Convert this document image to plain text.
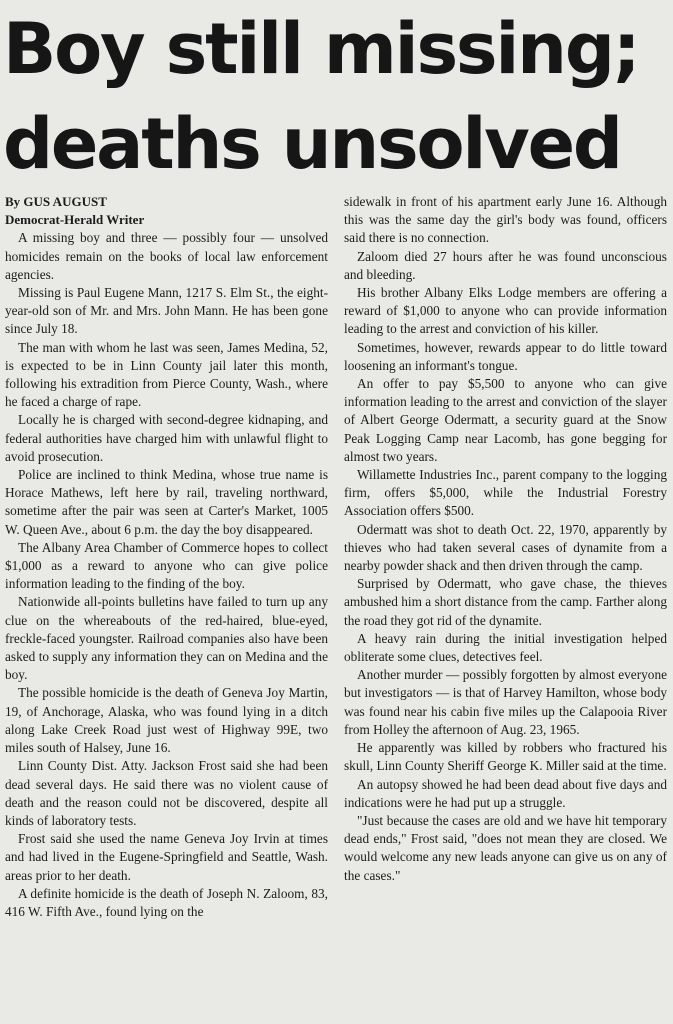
Boy still missing;
deaths unsolved
By GUS AUGUST
Democrat-Herald Writer

A missing boy and three — possibly four — unsolved homicides remain on the books of local law enforcement agencies.

Missing is Paul Eugene Mann, 1217 S. Elm St., the eight-year-old son of Mr. and Mrs. John Mann. He has been gone since July 18.

The man with whom he last was seen, James Medina, 52, is expected to be in Linn County jail later this month, following his extradition from Pierce County, Wash., where he faced a charge of rape.

Locally he is charged with second-degree kidnaping, and federal authorities have charged him with unlawful flight to avoid prosecution.

Police are inclined to think Medina, whose true name is Horace Mathews, left here by rail, traveling northward, sometime after the pair was seen at Carter's Market, 1005 W. Queen Ave., about 6 p.m. the day the boy disappeared.

The Albany Area Chamber of Commerce hopes to collect $1,000 as a reward to anyone who can give police information leading to the finding of the boy.

Nationwide all-points bulletins have failed to turn up any clue on the whereabouts of the red-haired, blue-eyed, freckle-faced youngster. Railroad companies also have been asked to supply any information they can on Medina and the boy.

The possible homicide is the death of Geneva Joy Martin, 19, of Anchorage, Alaska, who was found lying in a ditch along Lake Creek Road just west of Highway 99E, two miles south of Halsey, June 16.

Linn County Dist. Atty. Jackson Frost said she had been dead several days. He said there was no violent cause of death and the reason could not be discovered, despite all kinds of laboratory tests.

Frost said she used the name Geneva Joy Irvin at times and had lived in the Eugene-Springfield and Seattle, Wash. areas prior to her death.

A definite homicide is the death of Joseph N. Zaloom, 83, 416 W. Fifth Ave., found lying on the

sidewalk in front of his apartment early June 16. Although this was the same day the girl's body was found, officers said there is no connection.

Zaloom died 27 hours after he was found unconscious and bleeding.

His brother Albany Elks Lodge members are offering a reward of $1,000 to anyone who can provide information leading to the arrest and conviction of his killer.

Sometimes, however, rewards appear to do little toward loosening an informant's tongue.

An offer to pay $5,500 to anyone who can give information leading to the arrest and conviction of the slayer of Albert George Odermatt, a security guard at the Snow Peak Logging Camp near Lacomb, has gone begging for almost two years.

Willamette Industries Inc., parent company to the logging firm, offers $5,000, while the Industrial Forestry Association offers $500.

Odermatt was shot to death Oct. 22, 1970, apparently by thieves who had taken several cases of dynamite from a nearby powder shack and then driven through the camp.

Surprised by Odermatt, who gave chase, the thieves ambushed him a short distance from the camp. Farther along the road they got rid of the dynamite.

A heavy rain during the initial investigation helped obliterate some clues, detectives feel.

Another murder — possibly forgotten by almost everyone but investigators — is that of Harvey Hamilton, whose body was found near his cabin five miles up the Calapooia River from Holley the afternoon of Aug. 23, 1965.

He apparently was killed by robbers who fractured his skull, Linn County Sheriff George K. Miller said at the time.

An autopsy showed he had been dead about five days and indications were he had put up a struggle.

"Just because the cases are old and we have hit temporary dead ends," Frost said, "does not mean they are closed. We would welcome any new leads anyone can give us on any of the cases."
